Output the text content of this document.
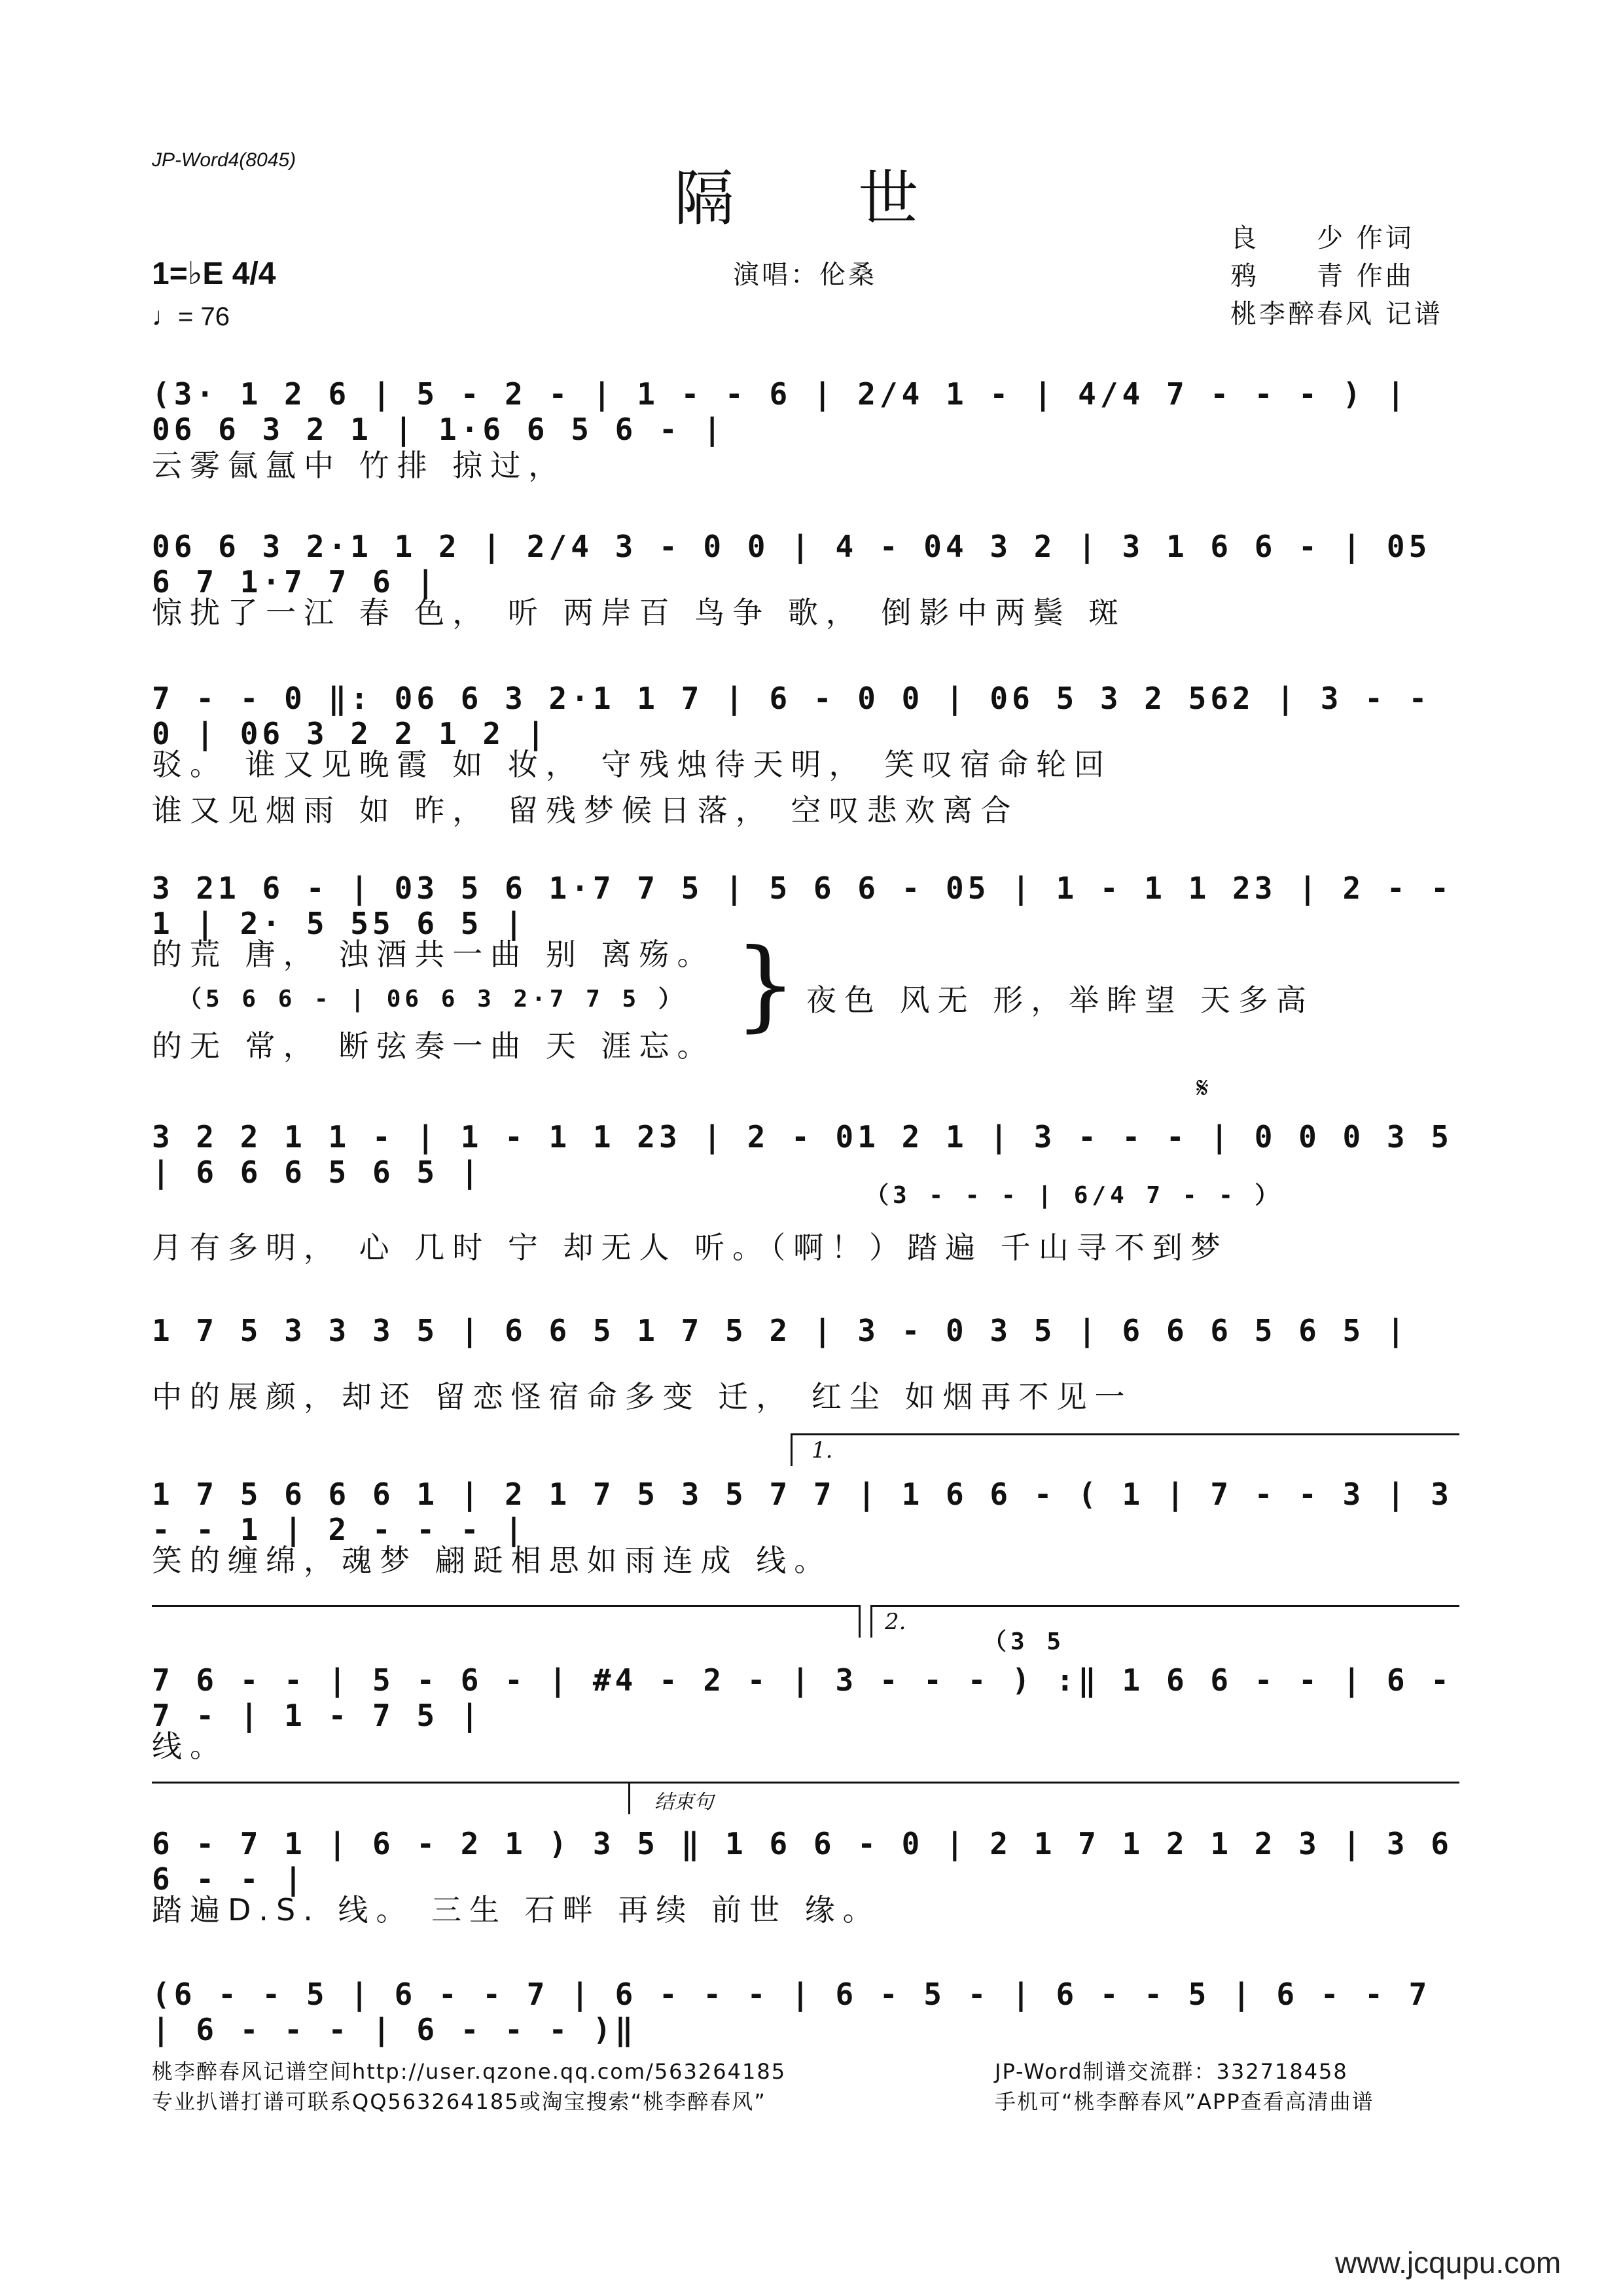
JP-Word4(8045)
隔 世
演唱：伦桑
良　　少 作词
鸦　　青 作曲
桃李醉春风 记谱
1=♭E 4/4
♩= 76
(3· 1 2 6 | 5 - 2 - | 1 - - 6 | 2/4 1 - | 4/4 7 - - - ) | 06 6 3 2 1 | 1·6 6 5 6 - |
云雾氤氲中 竹排 掠过，
06 6 3 2·1 1 2 | 2/4 3 - 0 0 | 4 - 04 3 2 | 3 1 6 6 - | 05 6 7 1·7 7 6 |
惊扰了一江 春 色， 听 两岸百 鸟争 歌， 倒影中两鬓 斑
7 - - 0 ‖: 06 6 3 2·1 1 7 | 6 - 0 0 | 06 5 3 2 562 | 3 - - 0 | 06 3 2 2 1 2 |
驳。 谁又见晚霞 如 妆， 守残烛待天明， 笑叹宿命轮回
谁又见烟雨 如 昨， 留残梦候日落， 空叹悲欢离合
3 21 6 - | 03 5 6 1·7 7 5 | 5 6 6 - 05 | 1 - 1 1 23 | 2 - - 1 | 2· 5 55 6 5 |
的荒 唐， 浊酒共一曲 别 离殇。
（5 6 6 - | 06 6 3 2·7 7 5 ）
的无 常， 断弦奏一曲 天 涯忘。
} 夜色 风无 形，举眸望 天多高
𝄋
3 2 2 1 1 - | 1 - 1 1 23 | 2 - 01 2 1 | 3 - - - | 0 0 0 3 5 | 6 6 6 5 6 5 |
（3 - - - | 6/4 7 - - ）
月有多明， 心 几时 宁 却无人 听。（啊！）踏遍 千山寻不到梦
1 7 5 3 3 3 5 | 6 6 5 1 7 5 2 | 3 - 0 3 5 | 6 6 6 5 6 5 |
中的展颜，却还 留恋怪宿命多变 迁， 红尘 如烟再不见一
1.
1 7 5 6 6 6 1 | 2 1 7 5 3 5 7 7 | 1 6 6 - ( 1 | 7 - - 3 | 3 - - 1 | 2 - - - |
笑的缠绵，魂梦 翩跹相思如雨连成 线。
2.
（3 5
7 6 - - | 5 - 6 - | #4 - 2 - | 3 - - - ) :‖ 1 6 6 - - | 6 - 7 - | 1 - 7 5 |
线。
结束句
6 - 7 1 | 6 - 2 1 ) 3 5 ‖ 1 6 6 - 0 | 2 1 7 1 2 1 2 3 | 3 6 6 - - |
踏遍D.S. 线。 三生 石畔 再续 前世 缘。
(6 - - 5 | 6 - - 7 | 6 - - - | 6 - 5 - | 6 - - 5 | 6 - - 7 | 6 - - - | 6 - - - )‖
桃李醉春风记谱空间http://user.qzone.qq.com/563264185
专业扒谱打谱可联系QQ563264185或淘宝搜索“桃李醉春风”
JP-Word制谱交流群：332718458
手机可“桃李醉春风”APP查看高清曲谱
www.jcqupu.com
